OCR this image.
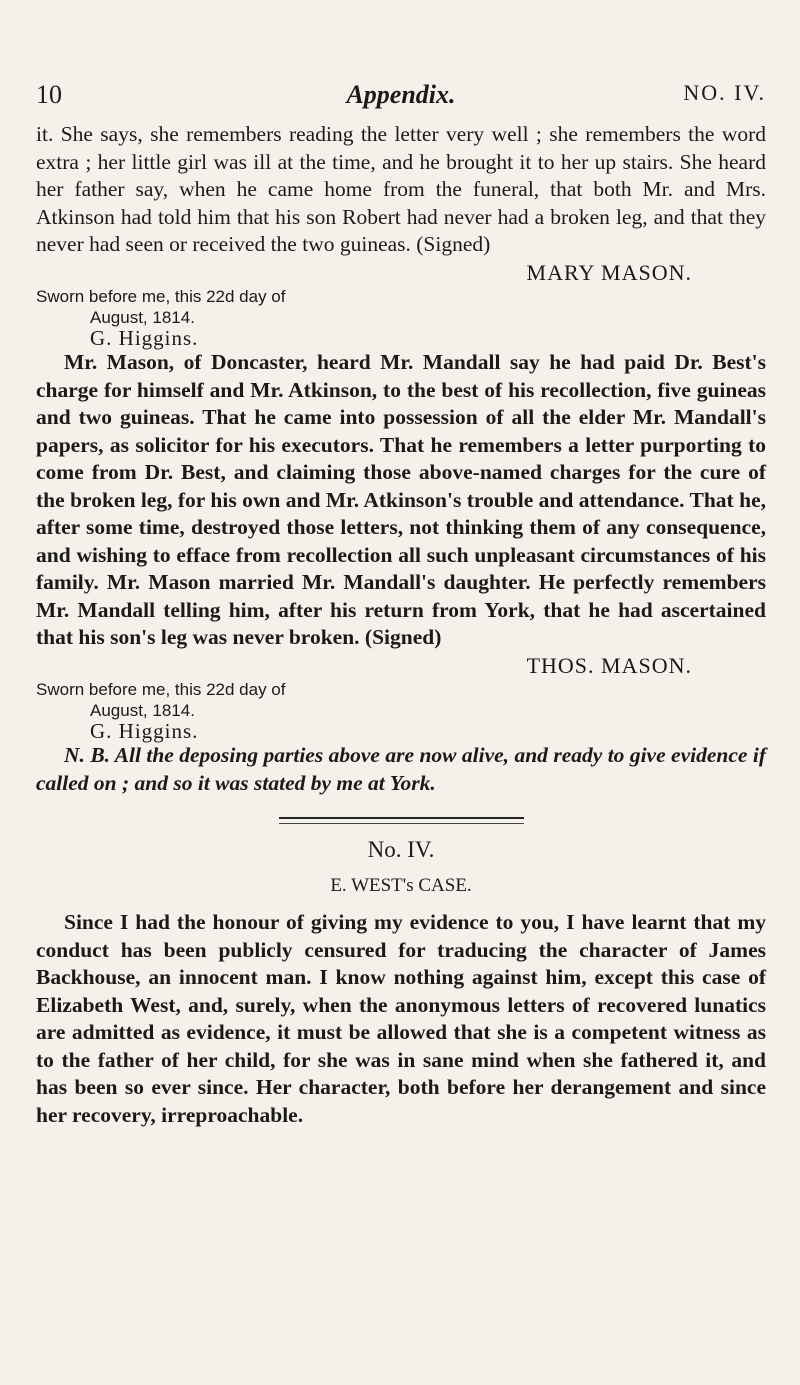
10	Appendix.	NO. IV.

it. She says, she remembers reading the letter very well ; she remembers the word extra ; her little girl was ill at the time, and he brought it to her up stairs. She heard her father say, when he came home from the funeral, that both Mr. and Mrs. Atkinson had told him that his son Robert had never had a broken leg, and that they never had seen or received the two guineas. (Signed)

MARY MASON.

Sworn before me, this 22d day of
August, 1814.
G. Higgins.

Mr. Mason, of Doncaster, heard Mr. Mandall say he had paid Dr. Best's charge for himself and Mr. Atkinson, to the best of his recollection, five guineas and two guineas. That he came into possession of all the elder Mr. Mandall's papers, as solicitor for his executors. That he remembers a letter purporting to come from Dr. Best, and claiming those above-named charges for the cure of the broken leg, for his own and Mr. Atkinson's trouble and attendance. That he, after some time, destroyed those letters, not thinking them of any consequence, and wishing to efface from recollection all such unpleasant circumstances of his family. Mr. Mason married Mr. Mandall's daughter. He perfectly remembers Mr. Mandall telling him, after his return from York, that he had ascertained that his son's leg was never broken. (Signed)

THOS. MASON.

Sworn before me, this 22d day of
August, 1814.
G. Higgins.

N. B. All the deposing parties above are now alive, and ready to give evidence if called on ; and so it was stated by me at York.

No. IV.

E. WEST's CASE.

Since I had the honour of giving my evidence to you, I have learnt that my conduct has been publicly censured for traducing the character of James Backhouse, an innocent man. I know nothing against him, except this case of Elizabeth West, and, surely, when the anonymous letters of recovered lunatics are admitted as evidence, it must be allowed that she is a competent witness as to the father of her child, for she was in sane mind when she fathered it, and has been so ever since. Her character, both before her derangement and since her recovery, irreproachable.
